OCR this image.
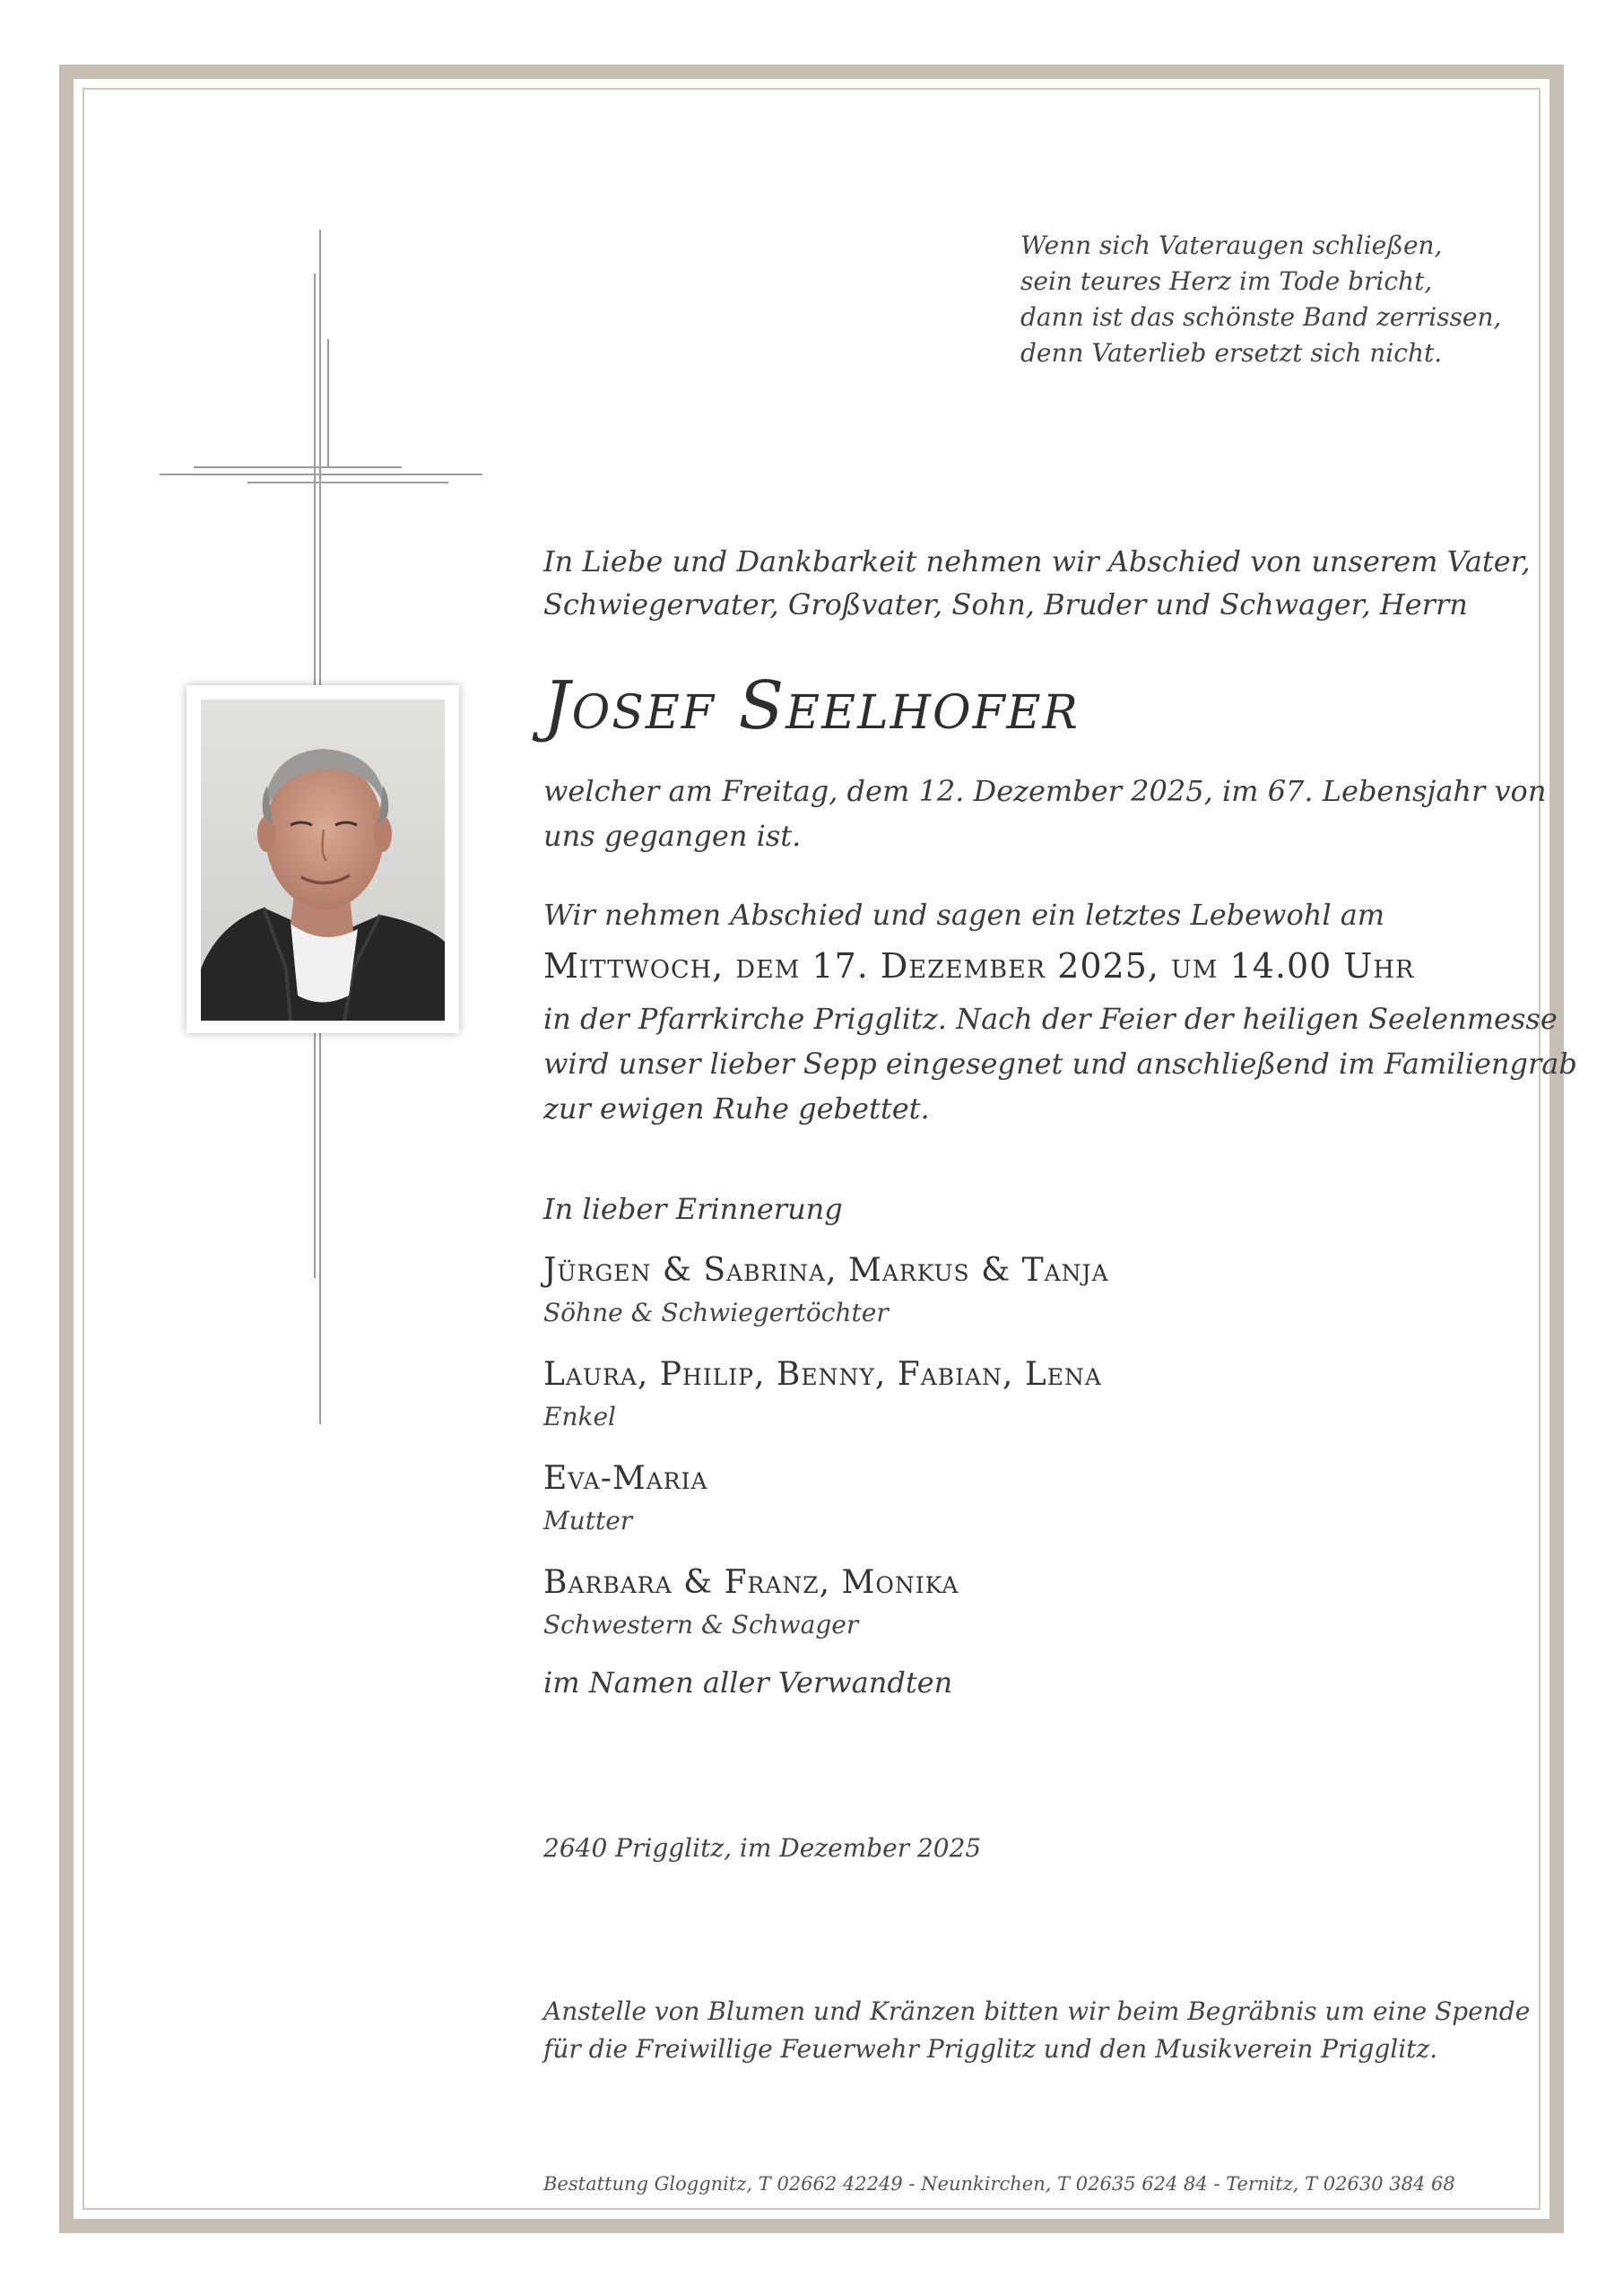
Wenn sich Vateraugen schließen,
sein teures Herz im Tode bricht,
dann ist das schönste Band zerrissen,
denn Vaterlieb ersetzt sich nicht.
In Liebe und Dankbarkeit nehmen wir Abschied von unserem Vater,
Schwiegervater, Großvater, Sohn, Bruder und Schwager, Herrn
Josef Seelhofer
welcher am Freitag, dem 12. Dezember 2025, im 67. Lebensjahr von
uns gegangen ist.
Wir nehmen Abschied und sagen ein letztes Lebewohl am
Mittwoch, dem 17. Dezember 2025, um 14.00 Uhr
in der Pfarrkirche Prigglitz. Nach der Feier der heiligen Seelenmesse
wird unser lieber Sepp eingesegnet und anschließend im Familiengrab
zur ewigen Ruhe gebettet.
In lieber Erinnerung
Jürgen & Sabrina, Markus & Tanja
Söhne & Schwiegertöchter
Laura, Philip, Benny, Fabian, Lena
Enkel
Eva-Maria
Mutter
Barbara & Franz, Monika
Schwestern & Schwager
im Namen aller Verwandten
2640 Prigglitz, im Dezember 2025
Anstelle von Blumen und Kränzen bitten wir beim Begräbnis um eine Spende
für die Freiwillige Feuerwehr Prigglitz und den Musikverein Prigglitz.
Bestattung Gloggnitz, T 02662 42249 - Neunkirchen, T 02635 624 84 - Ternitz, T 02630 384 68
